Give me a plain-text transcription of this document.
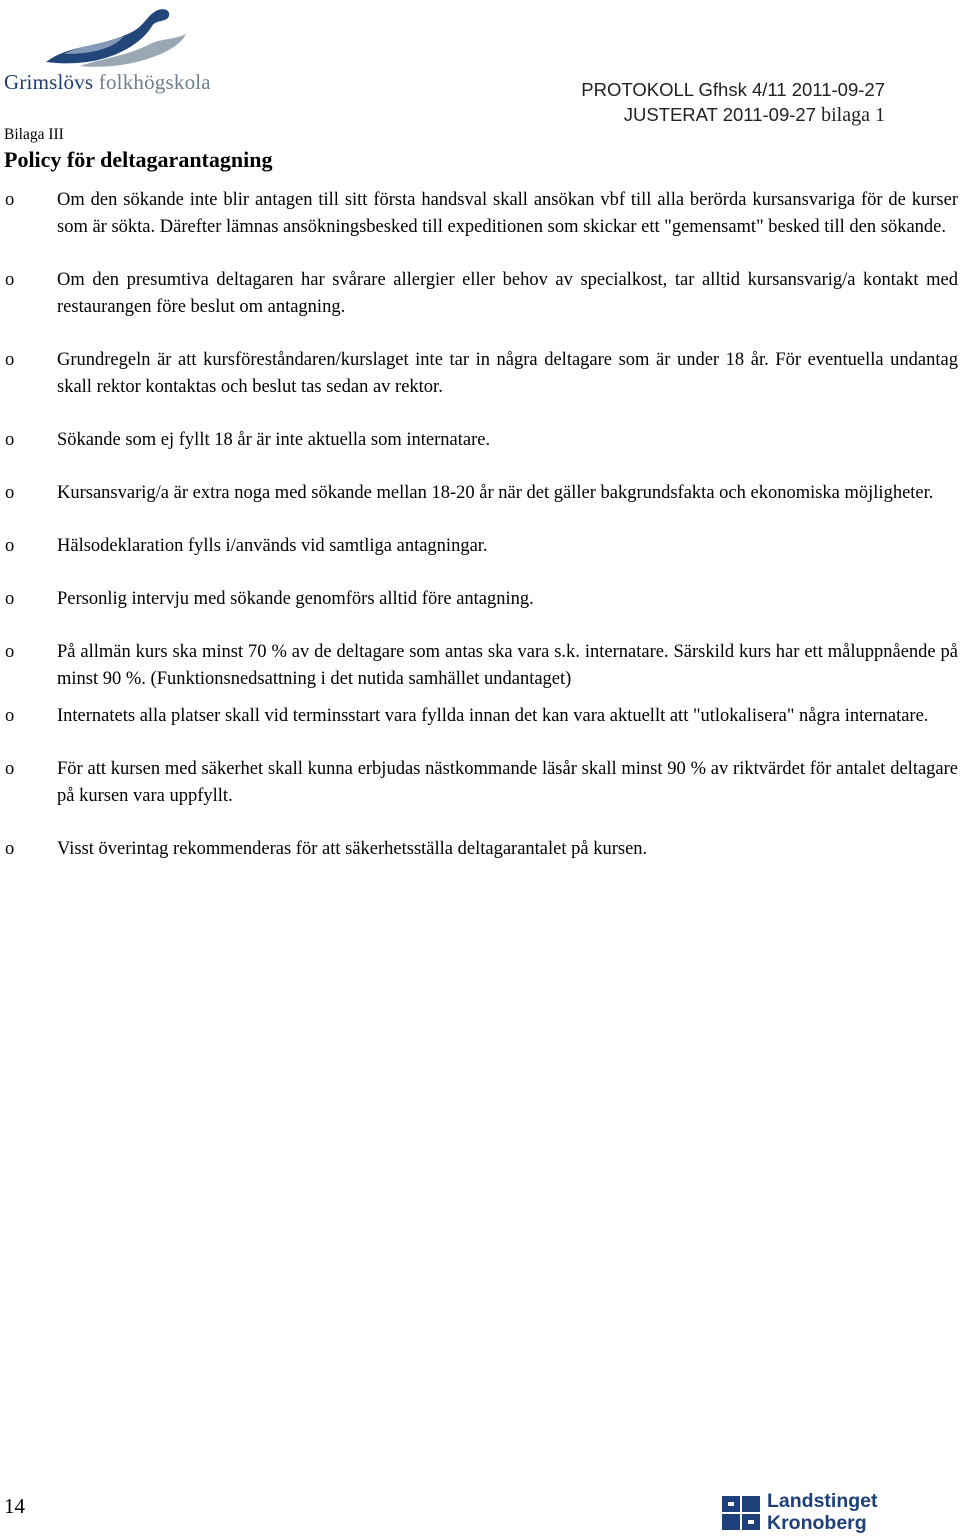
Grimslövs folkhögskola	PROTOKOLL Gfhsk 4/11 2011-09-27
JUSTERAT 2011-09-27 bilaga 1
Bilaga III
Policy för deltagarantagning
o Om den sökande inte blir antagen till sitt första handsval skall ansökan vbf till alla berörda kursansvariga för de kurser som är sökta. Därefter lämnas ansökningsbesked till expeditionen som skickar ett "gemensamt" besked till den sökande.
o Om den presumtiva deltagaren har svårare allergier eller behov av specialkost, tar alltid kursansvarig/a kontakt med restaurangen före beslut om antagning.
o Grundregeln är att kursföreståndaren/kurslaget inte tar in några deltagare som är under 18 år. För eventuella undantag skall rektor kontaktas och beslut tas sedan av rektor.
o Sökande som ej fyllt 18 år är inte aktuella som internatare.
o Kursansvarig/a är extra noga med sökande mellan 18-20 år när det gäller bakgrundsfakta och ekonomiska möjligheter.
o Hälsodeklaration fylls i/används vid samtliga antagningar.
o Personlig intervju med sökande genomförs alltid före antagning.
o På allmän kurs ska minst 70 % av de deltagare som antas ska vara s.k. internatare. Särskild kurs har ett måluppnående på minst 90 %. (Funktionsnedsattning i det nutida samhället undantaget)
o Internatets alla platser skall vid terminsstart vara fyllda innan det kan vara aktuellt att "utlokalisera" några internatare.
o För att kursen med säkerhet skall kunna erbjudas nästkommande läsår skall minst 90 % av riktvärdet för antalet deltagare på kursen vara uppfyllt.
o Visst överintag rekommenderas för att säkerhetsställa deltagarantalet på kursen.
14	Landstinget
Kronoberg
